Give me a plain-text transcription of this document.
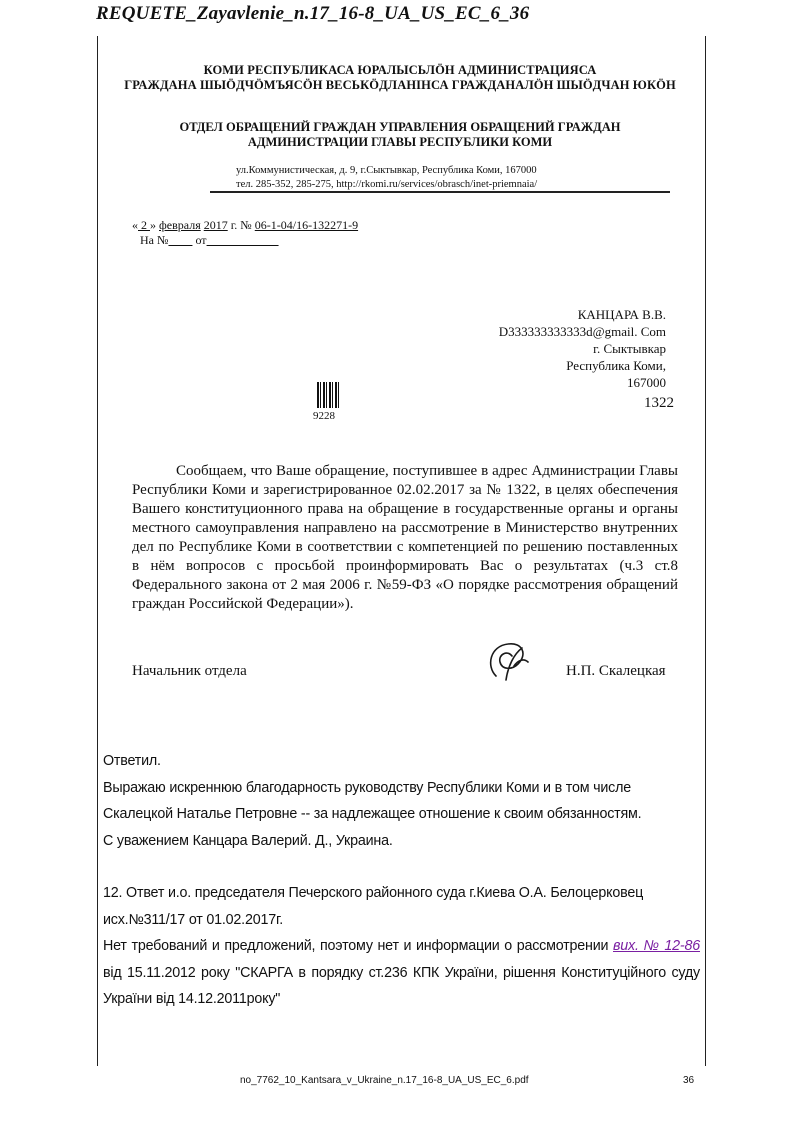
REQUETE_Zayavlenie_n.17_16-8_UA_US_EC_6_36
КОМИ РЕСПУБЛИКАСА ЮРАЛЫСЬЛÖН АДМИНИСТРАЦИЯСА
ГРАЖДАНА ШЫÖДЧÖМЪЯСÖН ВЕСЬКÖДЛАНІНСА ГРАЖДАНАЛÖН ШЫÖДЧАН ЮКÖН
ОТДЕЛ ОБРАЩЕНИЙ ГРАЖДАН УПРАВЛЕНИЯ ОБРАЩЕНИЙ ГРАЖДАН
АДМИНИСТРАЦИИ ГЛАВЫ РЕСПУБЛИКИ КОМИ
ул.Коммунистическая, д. 9, г.Сыктывкар, Республика Коми, 167000
тел. 285-352, 285-275, http://rkomi.ru/services/obrasch/inet-priemnaia/
« 2 » февраля 2017 г. № 06-1-04/16-132271-9
На № от
КАНЦАРА В.В.
D333333333333d@gmail. Com
г. Сыктывкар
Республика Коми,
167000
9228
1322
Сообщаем, что Ваше обращение, поступившее в адрес Администрации Главы Республики Коми и зарегистрированное 02.02.2017 за № 1322, в целях обеспечения Вашего конституционного права на обращение в государственные органы и органы местного самоуправления направлено на рассмотрение в Министерство внутренних дел по Республике Коми в соответствии с компетенцией по решению поставленных в нём вопросов с просьбой проинформировать Вас о результатах (ч.3 ст.8 Федерального закона от 2 мая 2006 г. №59-ФЗ «О порядке рассмотрения обращений граждан Российской Федерации»).
Начальник отдела	Н.П. Скалецкая

Ответил.

Выражаю искреннюю благодарность руководству Республики Коми и в том числе

Скалецкой Наталье Петровне -- за надлежащее отношение к своим обязанностям.

С уважением Канцара Валерий. Д., Украина.

12. Ответ и.о. председателя Печерского районного суда г.Киева О.А. Белоцерковец

исх.№311/17 от 01.02.2017г.

Нет требований и предложений, поэтому нет и информации о рассмотрении вих. № 12-86 від 15.11.2012 року "СКАРГА в порядку ст.236 КПК України, рішення Конституційного суду України від 14.12.2011року"

no_7762_10_Kantsara_v_Ukraine_n.17_16-8_UA_US_EC_6.pdf	36
